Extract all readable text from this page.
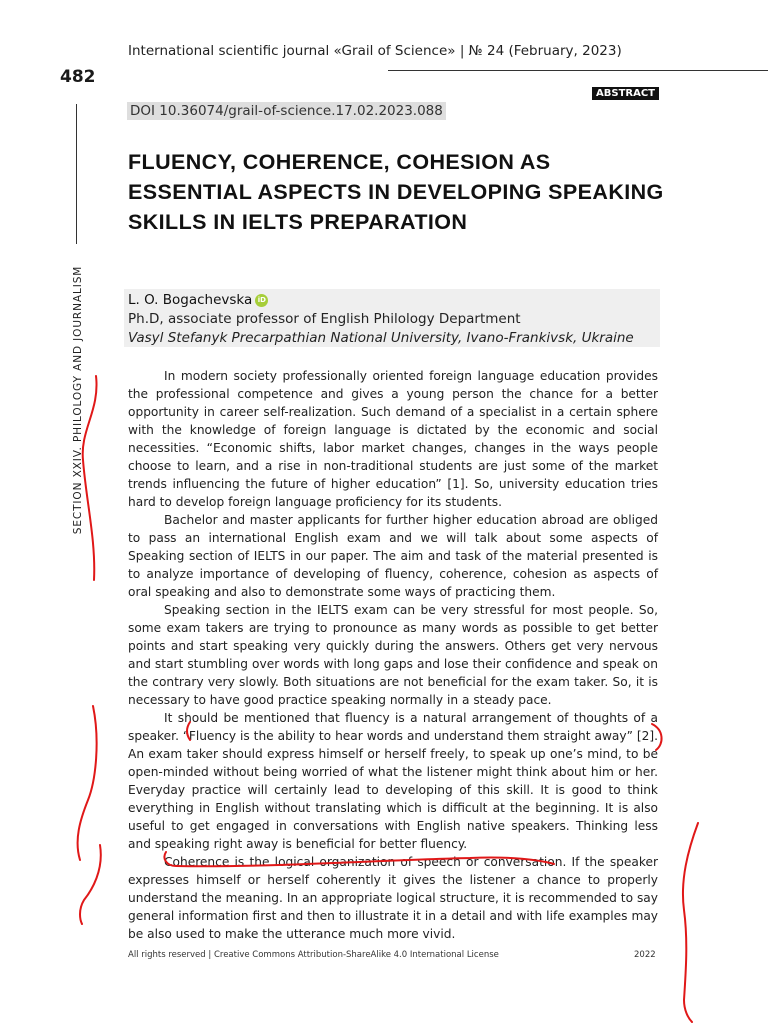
International scientific journal «Grail of Science» | № 24 (February, 2023)
482
SECTION XXIV. PHILOLOGY AND JOURNALISM
ABSTRACT
DOI 10.36074/grail-of-science.17.02.2023.088
FLUENCY, COHERENCE, COHESION AS ESSENTIAL ASPECTS IN DEVELOPING SPEAKING SKILLS IN IELTS PREPARATION
L. O. Bogachevska iD
Ph.D, associate professor of English Philology Department
Vasyl Stefanyk Precarpathian National University, Ivano-Frankivsk, Ukraine

In modern society professionally oriented foreign language education provides the professional competence and gives a young person the chance for a better opportunity in career self-realization. Such demand of a specialist in a certain sphere with the knowledge of foreign language is dictated by the economic and social necessities. “Economic shifts, labor market changes, changes in the ways people choose to learn, and a rise in non-traditional students are just some of the market trends influencing the future of higher education” [1]. So, university education tries hard to develop foreign language proficiency for its students.

Bachelor and master applicants for further higher education abroad are obliged to pass an international English exam and we will talk about some aspects of Speaking section of IELTS in our paper. The aim and task of the material presented is to analyze importance of developing of fluency, coherence, cohesion as aspects of oral speaking and also to demonstrate some ways of practicing them.

Speaking section in the IELTS exam can be very stressful for most people. So, some exam takers are trying to pronounce as many words as possible to get better points and start speaking very quickly during the answers. Others get very nervous and start stumbling over words with long gaps and lose their confidence and speak on the contrary very slowly. Both situations are not beneficial for the exam taker. So, it is necessary to have good practice speaking normally in a steady pace.

It should be mentioned that fluency is a natural arrangement of thoughts of a speaker. “Fluency is the ability to hear words and understand them straight away” [2]. An exam taker should express himself or herself freely, to speak up one’s mind, to be open-minded without being worried of what the listener might think about him or her. Everyday practice will certainly lead to developing of this skill. It is good to think everything in English without translating which is difficult at the beginning. It is also useful to get engaged in conversations with English native speakers. Thinking less and speaking right away is beneficial for better fluency.

Coherence is the logical organization of speech or conversation. If the speaker expresses himself or herself coherently it gives the listener a chance to properly understand the meaning. In an appropriate logical structure, it is recommended to say general information first and then to illustrate it in a detail and with life examples may be also used to make the utterance much more vivid.

All rights reserved | Creative Commons Attribution-ShareAlike 4.0 International License	2022
